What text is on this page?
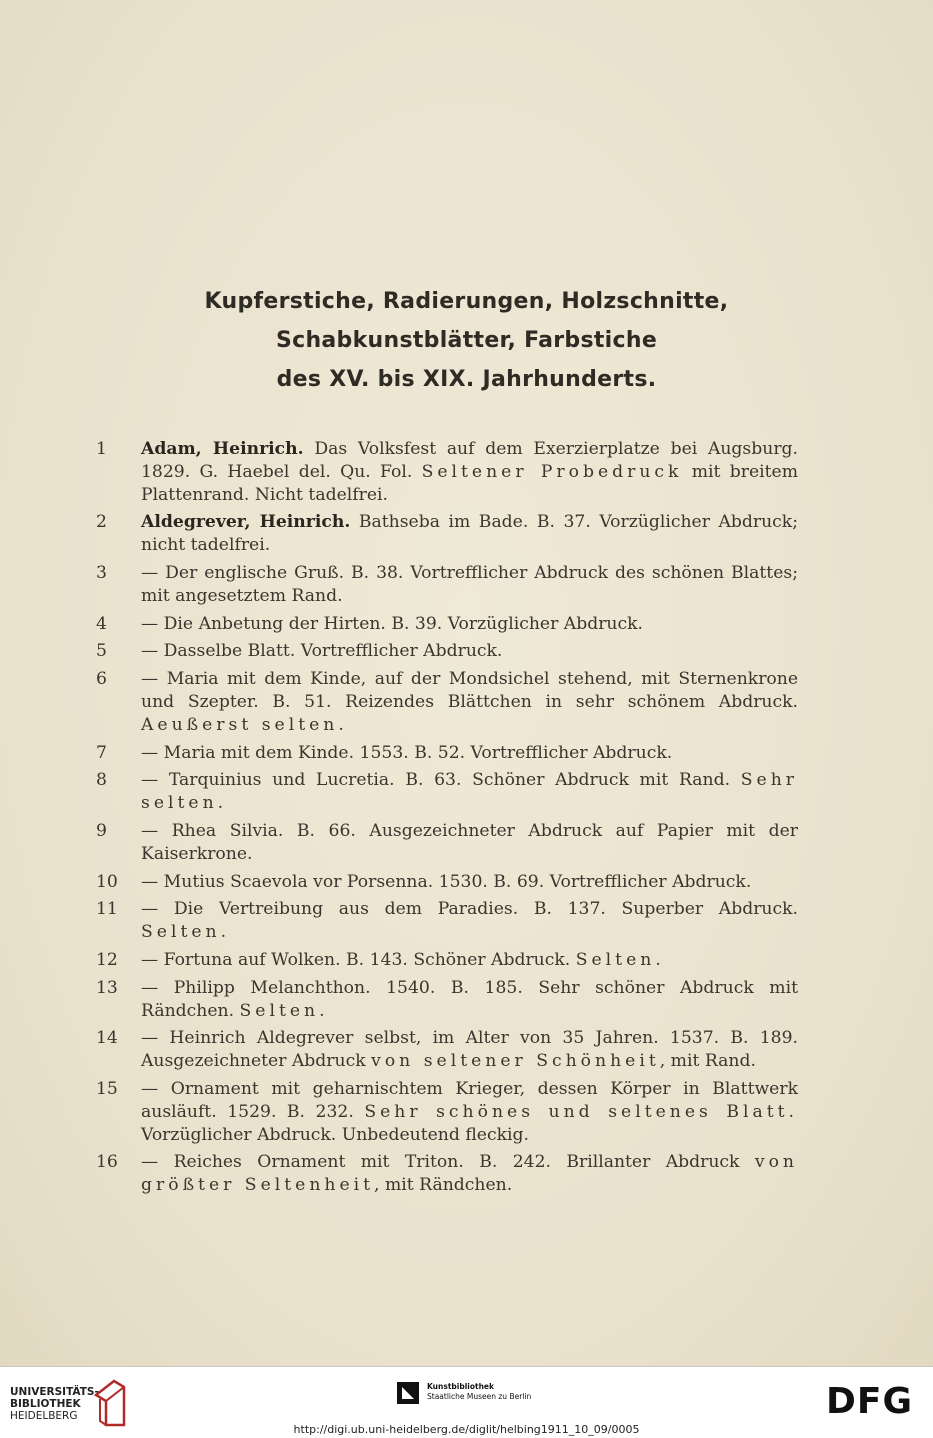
Kupferstiche, Radierungen, Holzschnitte,
Schabkunstblätter, Farbstiche
des XV. bis XIX. Jahrhunderts.
1	Adam, Heinrich. Das Volksfest auf dem Exerzierplatze bei Augsburg. 1829. G. Haebel del. Qu. Fol. Seltener Probedruck mit breitem Plattenrand. Nicht tadelfrei.
2	Aldegrever, Heinrich. Bathseba im Bade. B. 37. Vorzüglicher Abdruck; nicht tadelfrei.
3	— Der englische Gruß. B. 38. Vortrefflicher Abdruck des schönen Blattes; mit angesetztem Rand.
4	— Die Anbetung der Hirten. B. 39. Vorzüglicher Abdruck.
5	— Dasselbe Blatt. Vortrefflicher Abdruck.
6	— Maria mit dem Kinde, auf der Mondsichel stehend, mit Sternenkrone und Szepter. B. 51. Reizendes Blättchen in sehr schönem Abdruck. Aeußerst selten.
7	— Maria mit dem Kinde. 1553. B. 52. Vortrefflicher Abdruck.
8	— Tarquinius und Lucretia. B. 63. Schöner Abdruck mit Rand. Sehr selten.
9	— Rhea Silvia. B. 66. Ausgezeichneter Abdruck auf Papier mit der Kaiserkrone.
10	— Mutius Scaevola vor Porsenna. 1530. B. 69. Vortrefflicher Abdruck.
11	— Die Vertreibung aus dem Paradies. B. 137. Superber Abdruck. Selten.
12	— Fortuna auf Wolken. B. 143. Schöner Abdruck. Selten.
13	— Philipp Melanchthon. 1540. B. 185. Sehr schöner Abdruck mit Rändchen. Selten.
14	— Heinrich Aldegrever selbst, im Alter von 35 Jahren. 1537. B. 189. Ausgezeichneter Abdruck von seltener Schönheit, mit Rand.
15	— Ornament mit geharnischtem Krieger, dessen Körper in Blattwerk ausläuft. 1529. B. 232. Sehr schönes und seltenes Blatt. Vorzüglicher Abdruck. Unbedeutend fleckig.
16	— Reiches Ornament mit Triton. B. 242. Brillanter Abdruck von größter Seltenheit, mit Rändchen.
UNIVERSITÄTS-
BIBLIOTHEK
HEIDELBERG
Kunstbibliothek
Staatliche Museen zu Berlin	DFG
http://digi.ub.uni-heidelberg.de/diglit/helbing1911_10_09/0005
